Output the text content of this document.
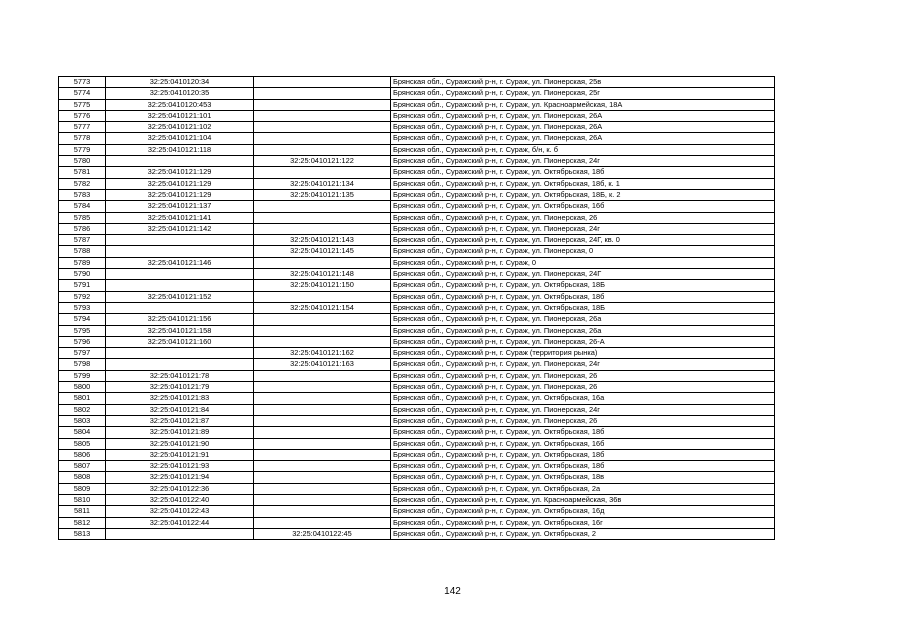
5773	32:25:0410120:34		Брянская обл., Суражский р-н, г. Сураж, ул. Пионерская, 25в
5774	32:25:0410120:35		Брянская обл., Суражский р-н, г. Сураж, ул. Пионерская, 25г
5775	32:25:0410120:453		Брянская обл., Суражский р-н, г. Сураж, ул. Красноармейская, 18А
5776	32:25:0410121:101		Брянская обл., Суражский р-н, г. Сураж, ул. Пионерская, 26А
5777	32:25:0410121:102		Брянская обл., Суражский р-н, г. Сураж, ул. Пионерская, 26А
5778	32:25:0410121:104		Брянская обл., Суражский р-н, г. Сураж, ул. Пионерская, 26А
5779	32:25:0410121:118		Брянская обл., Суражский р-н, г. Сураж, б/н, к. б
5780		32:25:0410121:122	Брянская обл., Суражский р-н, г. Сураж, ул. Пионерская, 24г
5781	32:25:0410121:129		Брянская обл., Суражский р-н, г. Сураж, ул. Октябрьская, 18б
5782	32:25:0410121:129	32:25:0410121:134	Брянская обл., Суражский р-н, г. Сураж, ул. Октябрьская, 18б, к. 1
5783	32:25:0410121:129	32:25:0410121:135	Брянская обл., Суражский р-н, г. Сураж, ул. Октябрьская, 18Б, к. 2
5784	32:25:0410121:137		Брянская обл., Суражский р-н, г. Сураж, ул. Октябрьская, 16б
5785	32:25:0410121:141		Брянская обл., Суражский р-н, г. Сураж, ул. Пионерская, 26
5786	32:25:0410121:142		Брянская обл., Суражский р-н, г. Сураж, ул. Пионерская, 24г
5787		32:25:0410121:143	Брянская обл., Суражский р-н, г. Сураж, ул. Пионерская, 24Г, кв. 0
5788		32:25:0410121:145	Брянская обл., Суражский р-н, г. Сураж, ул. Пионерская, 0
5789	32:25:0410121:146		Брянская обл., Суражский р-н, г. Сураж, 0
5790		32:25:0410121:148	Брянская обл., Суражский р-н, г. Сураж, ул. Пионерская, 24Г
5791		32:25:0410121:150	Брянская обл., Суражский р-н, г. Сураж, ул. Октябрьская, 18Б
5792	32:25:0410121:152		Брянская обл., Суражский р-н, г. Сураж, ул. Октябрьская, 18б
5793		32:25:0410121:154	Брянская обл., Суражский р-н, г. Сураж, ул. Октябрьская, 18Б
5794	32:25:0410121:156		Брянская обл., Суражский р-н, г. Сураж, ул. Пионерская, 26а
5795	32:25:0410121:158		Брянская обл., Суражский р-н, г. Сураж, ул. Пионерская, 26а
5796	32:25:0410121:160		Брянская обл., Суражский р-н, г. Сураж, ул. Пионерская, 26-А
5797		32:25:0410121:162	Брянская обл., Суражский р-н, г. Сураж (территория рынка)
5798		32:25:0410121:163	Брянская обл., Суражский р-н, г. Сураж, ул. Пионерская, 24г
5799	32:25:0410121:78		Брянская обл., Суражский р-н, г. Сураж, ул. Пионерская, 26
5800	32:25:0410121:79		Брянская обл., Суражский р-н, г. Сураж, ул. Пионерская, 26
5801	32:25:0410121:83		Брянская обл., Суражский р-н, г. Сураж, ул. Октябрьская, 16а
5802	32:25:0410121:84		Брянская обл., Суражский р-н, г. Сураж, ул. Пионерская, 24г
5803	32:25:0410121:87		Брянская обл., Суражский р-н, г. Сураж, ул. Пионерская, 26
5804	32:25:0410121:89		Брянская обл., Суражский р-н, г. Сураж, ул. Октябрьская, 18б
5805	32:25:0410121:90		Брянская обл., Суражский р-н, г. Сураж, ул. Октябрьская, 16б
5806	32:25:0410121:91		Брянская обл., Суражский р-н, г. Сураж, ул. Октябрьская, 18б
5807	32:25:0410121:93		Брянская обл., Суражский р-н, г. Сураж, ул. Октябрьская, 18б
5808	32:25:0410121:94		Брянская обл., Суражский р-н, г. Сураж, ул. Октябрьская, 18в
5809	32:25:0410122:36		Брянская обл., Суражский р-н, г. Сураж, ул. Октябрьская, 2а
5810	32:25:0410122:40		Брянская обл., Суражский р-н, г. Сураж, ул. Красноармейская, 36в
5811	32:25:0410122:43		Брянская обл., Суражский р-н, г. Сураж, ул. Октябрьская, 16д
5812	32:25:0410122:44		Брянская обл., Суражский р-н, г. Сураж, ул. Октябрьская, 16г
5813		32:25:0410122:45	Брянская обл., Суражский р-н, г. Сураж, ул. Октябрьская, 2
142
